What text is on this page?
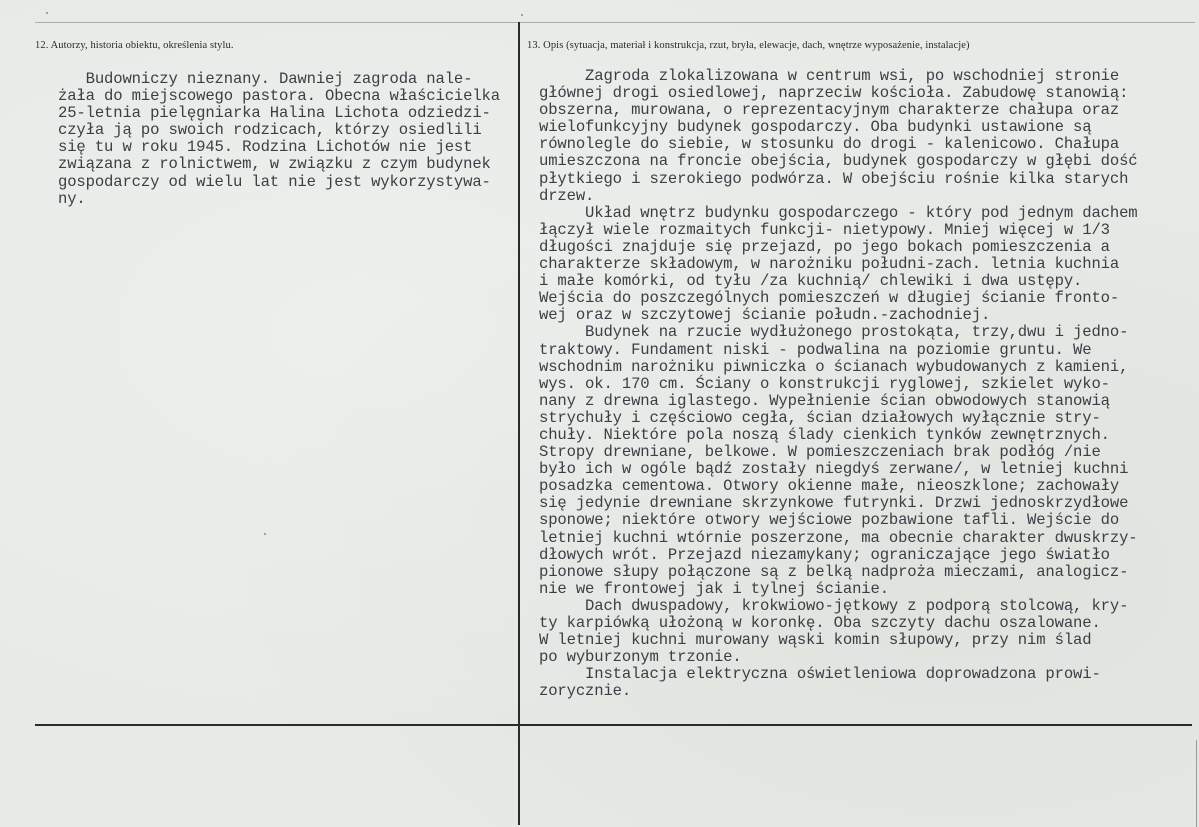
12. Autorzy, historia obiektu, określenia stylu.	13. Opis (sytuacja, materiał i konstrukcja, rzut, bryła, elewacje, dach, wnętrze wyposażenie, instalacje)
Budowniczy nieznany. Dawniej zagroda nale-
żała do miejscowego pastora. Obecna właścicielka
25-letnia pielęgniarka Halina Lichota odziedzi-
czyła ją po swoich rodzicach, którzy osiedlili
się tu w roku 1945. Rodzina Lichotów nie jest
związana z rolnictwem, w związku z czym budynek
gospodarczy od wielu lat nie jest wykorzystywa-
ny.
Zagroda zlokalizowana w centrum wsi, po wschodniej stronie
głównej drogi osiedlowej, naprzeciw kościoła. Zabudowę stanowią:
obszerna, murowana, o reprezentacyjnym charakterze chałupa oraz
wielofunkcyjny budynek gospodarczy. Oba budynki ustawione są
równolegle do siebie, w stosunku do drogi - kalenicowo. Chałupa
umieszczona na froncie obejścia, budynek gospodarczy w głębi dość
płytkiego i szerokiego podwórza. W obejściu rośnie kilka starych
drzew.
Układ wnętrz budynku gospodarczego - który pod jednym dachem
łączył wiele rozmaitych funkcji- nietypowy. Mniej więcej w 1/3
długości znajduje się przejazd, po jego bokach pomieszczenia a
charakterze składowym, w narożniku południ-zach. letnia kuchnia
i małe komórki, od tyłu /za kuchnią/ chlewiki i dwa ustępy.
Wejścia do poszczególnych pomieszczeń w długiej ścianie fronto-
wej oraz w szczytowej ścianie połudn.-zachodniej.
Budynek na rzucie wydłużonego prostokąta, trzy,dwu i jedno-
traktowy. Fundament niski - podwalina na poziomie gruntu. We
wschodnim narożniku piwniczka o ścianach wybudowanych z kamieni,
wys. ok. 170 cm. Ściany o konstrukcji ryglowej, szkielet wyko-
nany z drewna iglastego. Wypełnienie ścian obwodowych stanowią
strychuły i częściowo cegła, ścian działowych wyłącznie stry-
chuły. Niektóre pola noszą ślady cienkich tynków zewnętrznych.
Stropy drewniane, belkowe. W pomieszczeniach brak podłóg /nie
było ich w ogóle bądź zostały niegdyś zerwane/, w letniej kuchni
posadzka cementowa. Otwory okienne małe, nieoszklone; zachowały
się jedynie drewniane skrzynkowe futrynki. Drzwi jednoskrzydłowe
sponowe; niektóre otwory wejściowe pozbawione tafli. Wejście do
letniej kuchni wtórnie poszerzone, ma obecnie charakter dwuskrzy-
dłowych wrót. Przejazd niezamykany; ograniczające jego światło
pionowe słupy połączone są z belką nadproża mieczami, analogicz-
nie we frontowej jak i tylnej ścianie.
Dach dwuspadowy, krokwiowo-jętkowy z podporą stolcową, kry-
ty karpiówką ułożoną w koronkę. Oba szczyty dachu oszalowane.
W letniej kuchni murowany wąski komin słupowy, przy nim ślad
po wyburzonym trzonie.
Instalacja elektryczna oświetleniowa doprowadzona prowi-
zorycznie.
